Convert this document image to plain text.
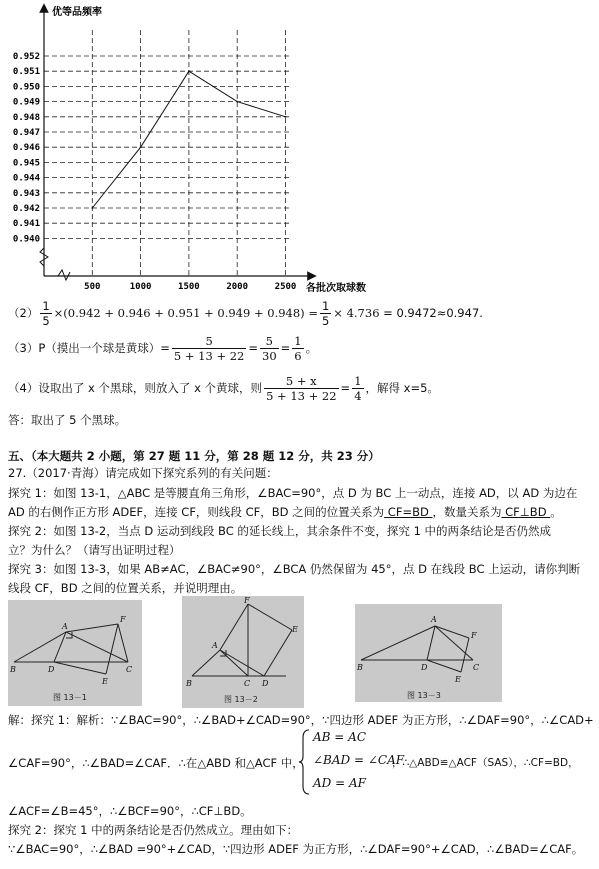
优等品频率
各批次取球数
0.952
0.951
0.950
0.949
0.948
0.947
0.946
0.945
0.944
0.943
0.942
0.941
0.940
500	1000	1500	2000	2500
$(2) \frac{1}{5} \times(0.942 + 0.946 + 0.951 + 0.949 + 0.948) = \frac{1}{5} \times 4.736 = 0.9472\approx 0.947$.
（3）P（摸出一个球是黄球）= $\frac{5}{5 + 13 + 22} = \frac{5}{30} = \frac{1}{6}$ 。
（4）设取出了 x 个黑球，则放入了 x 个黄球，则 $\frac{5 + x}{5 + 13 + 22} = \frac{1}{4}$ ，解得 x=5。
答：取出了 5 个黑球。
五、（本大题共 2 小题，第 27 题 11 分，第 28 题 12 分，共 23 分）
27.（2017·青海）请完成如下探究系列的有关问题：
探究 1：如图 13-1，△ABC 是等腰直角三角形，∠BAC=90°，点 D 为 BC 上一动点，连接 AD，以 AD 为边在
AD 的右侧作正方形 ADEF，连接 CF，则线段 CF，BD 之间的位置关系为 CF=BD ，数量关系为 CF⊥BD 。
探究 2：如图 13-2，当点 D 运动到线段 BC 的延长线上，其余条件不变，探究 1 中的两条结论是否仍然成
立？为什么？（请写出证明过程）
探究 3：如图 13-3，如果 AB≠AC，∠BAC≠90°，∠BCA 仍然保留为 45°，点 D 在线段 BC 上运动，请你判断
线段 CF，BD 之间的位置关系，并说明理由。
A
B	D	C
E
F
图 13－1
F
E
A
B	C D
图 13－2
A
F
B	D	C
E
图 13－3
解：探究 1：解析：∵∠BAC=90°，∴∠BAD+∠CAD=90°，∵四边形 ADEF 为正方形，∴∠DAF=90°，∴∠CAD+
∠CAF=90°，∴∠BAD=∠CAF．∴在△ABD 和△ACF 中，
AB = AC
∠BAD = ∠CAF
AD = AF
，∴△ABD≌△ACF（SAS），∴CF=BD，
∠ACF=∠B=45°，∴∠BCF=90°，∴CF⊥BD。
探究 2：探究 1 中的两条结论是否仍然成立。理由如下：
∵∠BAC=90°，∴∠BAD =90°+∠CAD，∵四边形 ADEF 为正方形，∴∠DAF=90°+∠CAD，∴∠BAD=∠CAF。
